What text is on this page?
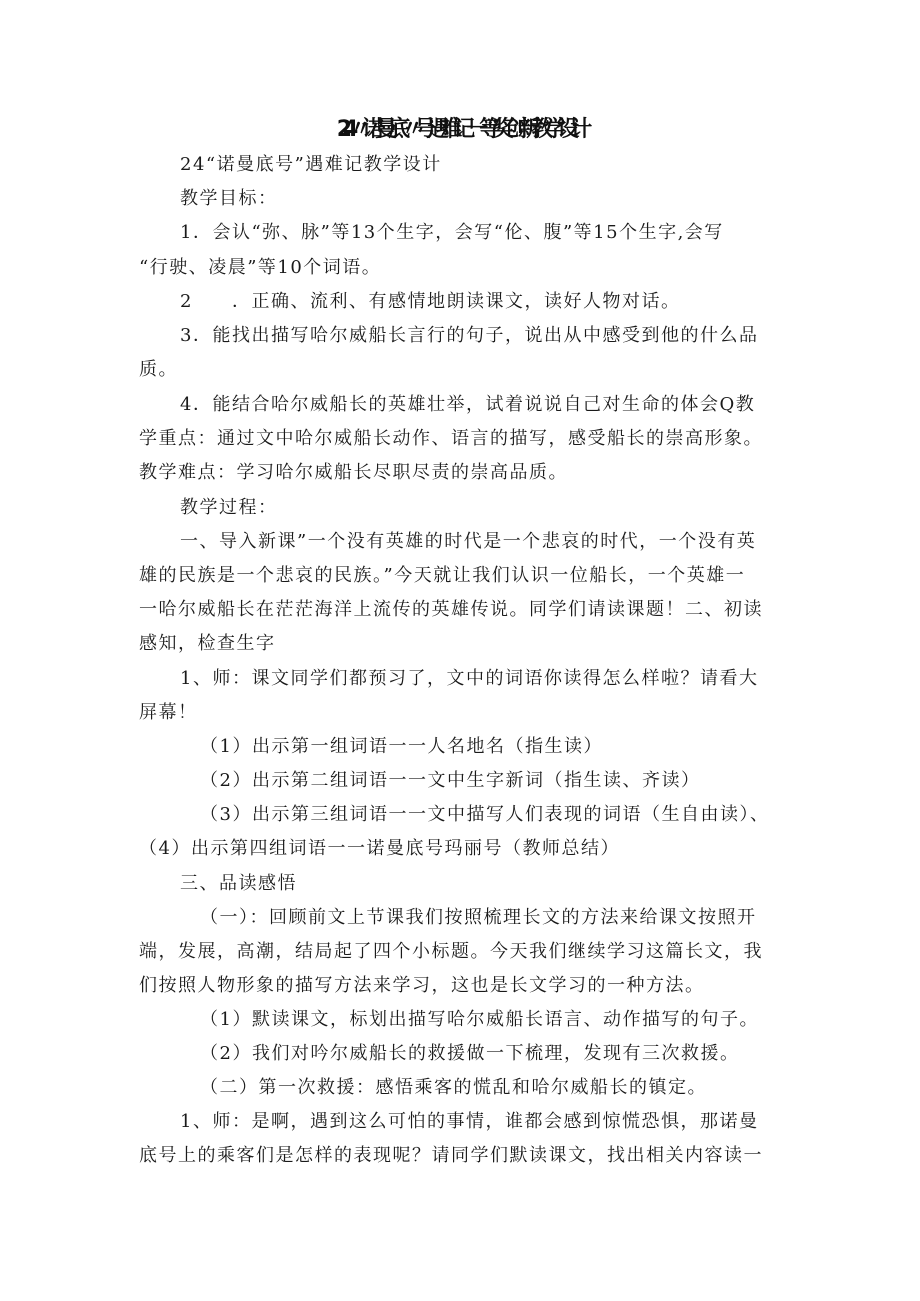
24〃诺曼底〃号遇难记一等奖创新教学设计
24“诺曼底号”遇难记教学设计
教学目标：
1．会认“弥、脉”等13个生字，会写“伦、腹”等15个生字,会写
“行驶、凌晨”等10个词语。
2　　．正确、流利、有感情地朗读课文，读好人物对话。
3．能找出描写哈尔威船长言行的句子，说出从中感受到他的什么品
质。
4．能结合哈尔威船长的英雄壮举，试着说说自己对生命的体会Q教
学重点：通过文中哈尔威船长动作、语言的描写，感受船长的崇高形象。
教学难点：学习哈尔威船长尽职尽责的崇高品质。
教学过程：
一、导入新课”一个没有英雄的时代是一个悲哀的时代，一个没有英
雄的民族是一个悲哀的民族。”今天就让我们认识一位船长，一个英雄一
一哈尔威船长在茫茫海洋上流传的英雄传说。同学们请读课题！二、初读
感知，检查生字
1、师：课文同学们都预习了，文中的词语你读得怎么样啦？请看大
屏幕！
（1）出示第一组词语一一人名地名（指生读）
（2）出示第二组词语一一文中生字新词（指生读、齐读）
（3）出示第三组词语一一文中描写人们表现的词语（生自由读）、
（4）出示第四组词语一一诺曼底号玛丽号（教师总结）
三、品读感悟
（一）：回顾前文上节课我们按照梳理长文的方法来给课文按照开
端，发展，高潮，结局起了四个小标题。今天我们继续学习这篇长文，我
们按照人物形象的描写方法来学习，这也是长文学习的一种方法。
（1）默读课文，标划出描写哈尔威船长语言、动作描写的句子。
（2）我们对吟尔威船长的救援做一下梳理，发现有三次救援。
（二）第一次救援：感悟乘客的慌乱和哈尔威船长的镇定。
1、师：是啊，遇到这么可怕的事情，谁都会感到惊慌恐惧，那诺曼
底号上的乘客们是怎样的表现呢？请同学们默读课文，找出相关内容读一
